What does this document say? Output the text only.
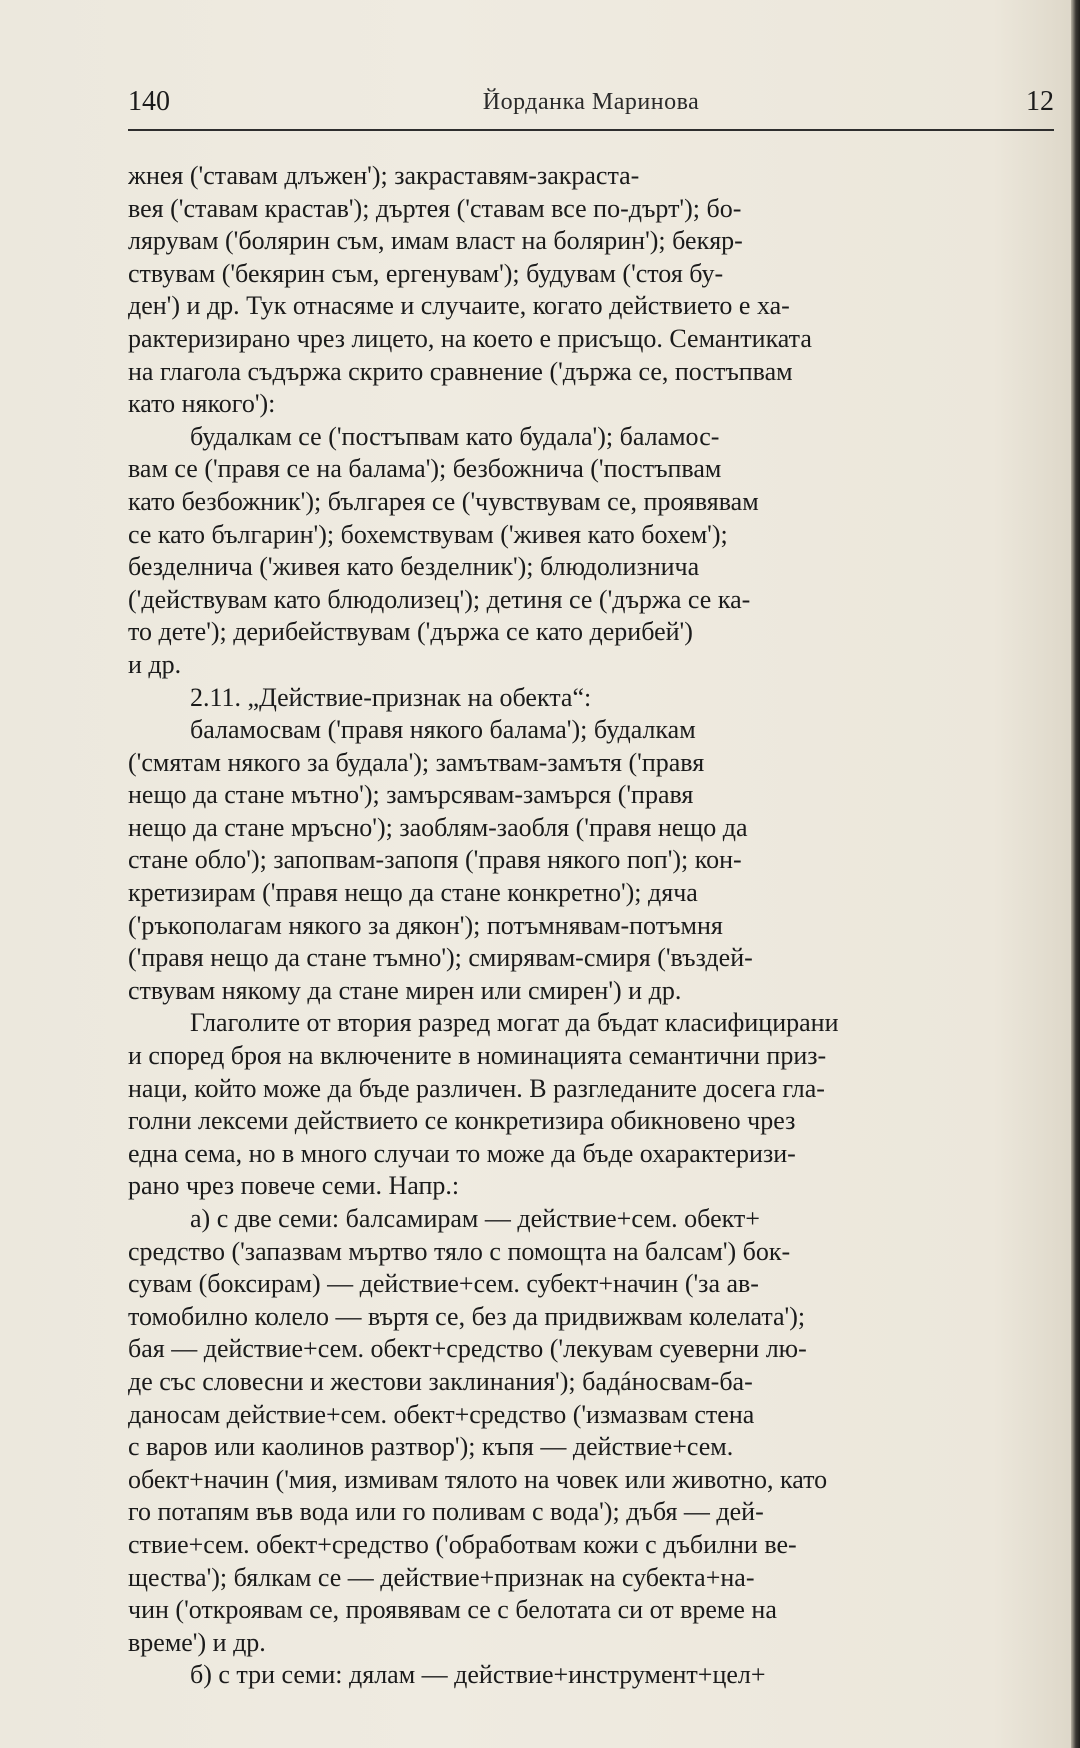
140	Йорданка Маринова	12
жнея ('ставам длъжен'); закраставям-закраста-
вея ('ставам крастав'); дъртея ('ставам все по-дърт'); бо-
лярувам ('болярин съм, имам власт на болярин'); бекяр-
ствувам ('бекярин съм, ергенувам'); будувам ('стоя бу-
ден') и др. Тук отнасяме и случаите, когато действието е ха-
рактеризирано чрез лицето, на което е присъщо. Семантиката
на глагола съдържа скрито сравнение ('държа се, постъпвам
като някого'):
будалкам се ('постъпвам като будала'); баламос-
вам се ('правя се на балама'); безбожнича ('постъпвам
като безбожник'); българея се ('чувствувам се, проявявам
се като българин'); бохемствувам ('живея като бохем');
безделнича ('живея като безделник'); блюдолизнича
('действувам като блюдолизец'); детиня се ('държа се ка-
то дете'); дерибействувам ('държа се като дерибей')
и др.
2.11. „Действие-признак на обекта“:
баламосвам ('правя някого балама'); будалкам
('смятам някого за будала'); замътвам-замътя ('правя
нещо да стане мътно'); замърсявам-замърся ('правя
нещо да стане мръсно'); заоблям-заобля ('правя нещо да
стане обло'); запопвам-запопя ('правя някого поп'); кон-
кретизирам ('правя нещо да стане конкретно'); дяча
('ръкополагам някого за дякон'); потъмнявам-потъмня
('правя нещо да стане тъмно'); смирявам-смиря ('въздей-
ствувам някому да стане мирен или смирен') и др.
Глаголите от втория разред могат да бъдат класифицирани
и според броя на включените в номинацията семантични приз-
наци, който може да бъде различен. В разгледаните досега гла-
голни лексеми действието се конкретизира обикновено чрез
една сема, но в много случаи то може да бъде охарактеризи-
рано чрез повече семи. Напр.:
а) с две семи: балсамирам — действие+сем. обект+
средство ('запазвам мъртво тяло с помощта на балсам') бок-
сувам (боксирам) — действие+сем. субект+начин ('за ав-
томобилно колело — въртя се, без да придвижвам колелата');
бая — действие+сем. обект+средство ('лекувам суеверни лю-
де със словесни и жестови заклинания'); бадáносвам-ба-
даносам действие+сем. обект+средство ('измазвам стена
с варов или каолинов разтвор'); къпя — действие+сем.
обект+начин ('мия, измивам тялото на човек или животно, като
го потапям във вода или го поливам с вода'); дъбя — дей-
ствие+сем. обект+средство ('обработвам кожи с дъбилни ве-
щества'); бялкам се — действие+признак на субекта+на-
чин ('откроявам се, проявявам се с белотата си от време на
време') и др.
б) с три семи: дялам — действие+инструмент+цел+
